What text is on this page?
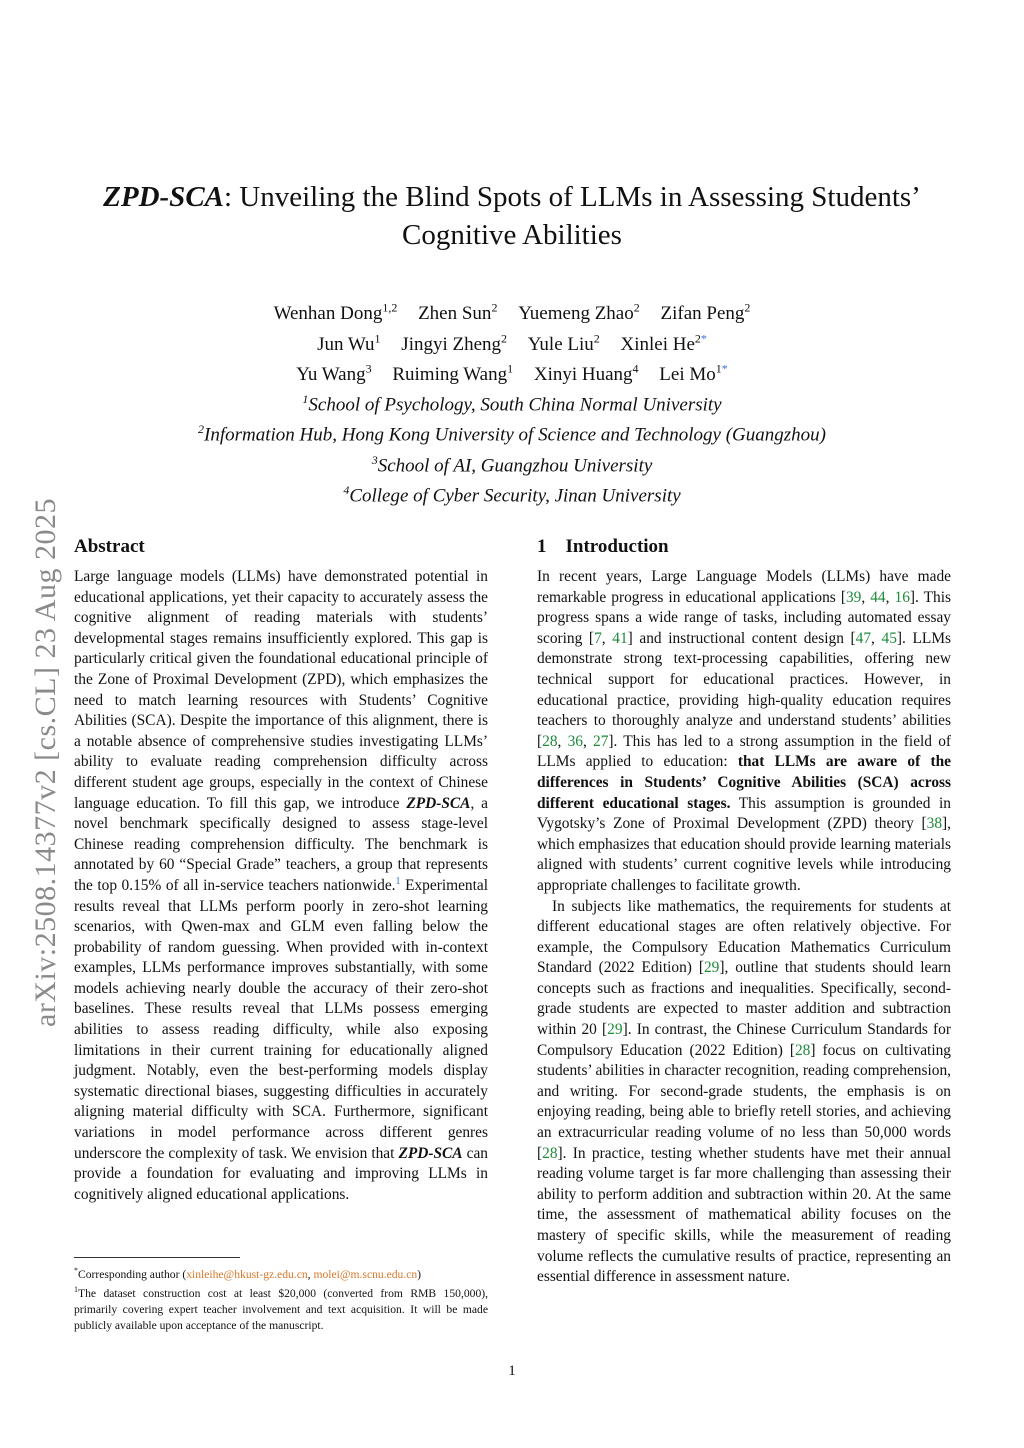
arXiv:2508.14377v2 [cs.CL] 23 Aug 2025
ZPD-SCA: Unveiling the Blind Spots of LLMs in Assessing Students’
Cognitive Abilities
Wenhan Dong$^{1,2}$ Zhen Sun$^2$ Yuemeng Zhao$^2$ Zifan Peng$^2$
Jun Wu$^1$ Jingyi Zheng$^2$ Yule Liu$^2$ Xinlei $He^{2*}$
Yu Wang$^3$ Ruiming Wang$^1$ Xinyi Huang$^4$ Lei $Mo^{1*}$
$^1$School of Psychology, South China Normal University
$^2$Information Hub, Hong Kong University of Science and Technology (Guangzhou)
$^3$School of AI, Guangzhou University
$^4$College of Cyber Security, Jinan University
Abstract

Large language models (LLMs) have demonstrated potential in educational applications, yet their capacity to accurately assess the cognitive alignment of reading materials with students’ developmental stages remains insufficiently explored. This gap is particularly critical given the foundational educational principle of the Zone of Proximal Development (ZPD), which emphasizes the need to match learning resources with Students’ Cognitive Abilities (SCA). Despite the importance of this alignment, there is a notable absence of comprehensive studies investigating LLMs’ ability to evaluate reading comprehension difficulty across different student age groups, especially in the context of Chinese language education. To fill this gap, we introduce ZPD-SCA, a novel benchmark specifically designed to assess stage-level Chinese reading comprehension difficulty. The benchmark is annotated by 60 “Special Grade” teachers, a group that represents the top 0.15% of all in-service teachers nationwide.$^1$ Experimental results reveal that LLMs perform poorly in zero-shot learning scenarios, with Qwen-max and GLM even falling below the probability of random guessing. When provided with in-context examples, LLMs performance improves substantially, with some models achieving nearly double the accuracy of their zero-shot baselines. These results reveal that LLMs possess emerging abilities to assess reading difficulty, while also exposing limitations in their current training for educationally aligned judgment. Notably, even the best-performing models display systematic directional biases, suggesting difficulties in accurately aligning material difficulty with SCA. Furthermore, significant variations in model performance across different genres underscore the complexity of task. We envision that ZPD-SCA can provide a foundation for evaluating and improving LLMs in cognitively aligned educational applications.

*Corresponding author (xinleihe@hkust-gz.edu.cn, molei@m.scnu.edu.cn)

$^1$The dataset construction cost at least $20,000 (converted from RMB 150,000), primarily covering expert teacher involvement and text acquisition. It will be made publicly available upon acceptance of the manuscript.

1 Introduction

In recent years, Large Language Models (LLMs) have made remarkable progress in educational applications [39, 44, 16]. This progress spans a wide range of tasks, including automated essay scoring [7, 41] and instructional content design [47, 45]. LLMs demonstrate strong text-processing capabilities, offering new technical support for educational practices. However, in educational practice, providing high-quality education requires teachers to thoroughly analyze and understand students’ abilities [28, 36, 27]. This has led to a strong assumption in the field of LLMs applied to education: that LLMs are aware of the differences in Students’ Cognitive Abilities (SCA) across different educational stages. This assumption is grounded in Vygotsky’s Zone of Proximal Development (ZPD) theory [38], which emphasizes that education should provide learning materials aligned with students’ current cognitive levels while introducing appropriate challenges to facilitate growth.

In subjects like mathematics, the requirements for students at different educational stages are often relatively objective. For example, the Compulsory Education Mathematics Curriculum Standard (2022 Edition) [29], outline that students should learn concepts such as fractions and inequalities. Specifically, second-grade students are expected to master addition and subtraction within 20 [29]. In contrast, the Chinese Curriculum Standards for Compulsory Education (2022 Edition) [28] focus on cultivating students’ abilities in character recognition, reading comprehension, and writing. For second-grade students, the emphasis is on enjoying reading, being able to briefly retell stories, and achieving an extracurricular reading volume of no less than 50,000 words [28]. In practice, testing whether students have met their annual reading volume target is far more challenging than assessing their ability to perform addition and subtraction within 20. At the same time, the assessment of mathematical ability focuses on the mastery of specific skills, while the measurement of reading volume reflects the cumulative results of practice, representing an essential difference in assessment nature.

1
